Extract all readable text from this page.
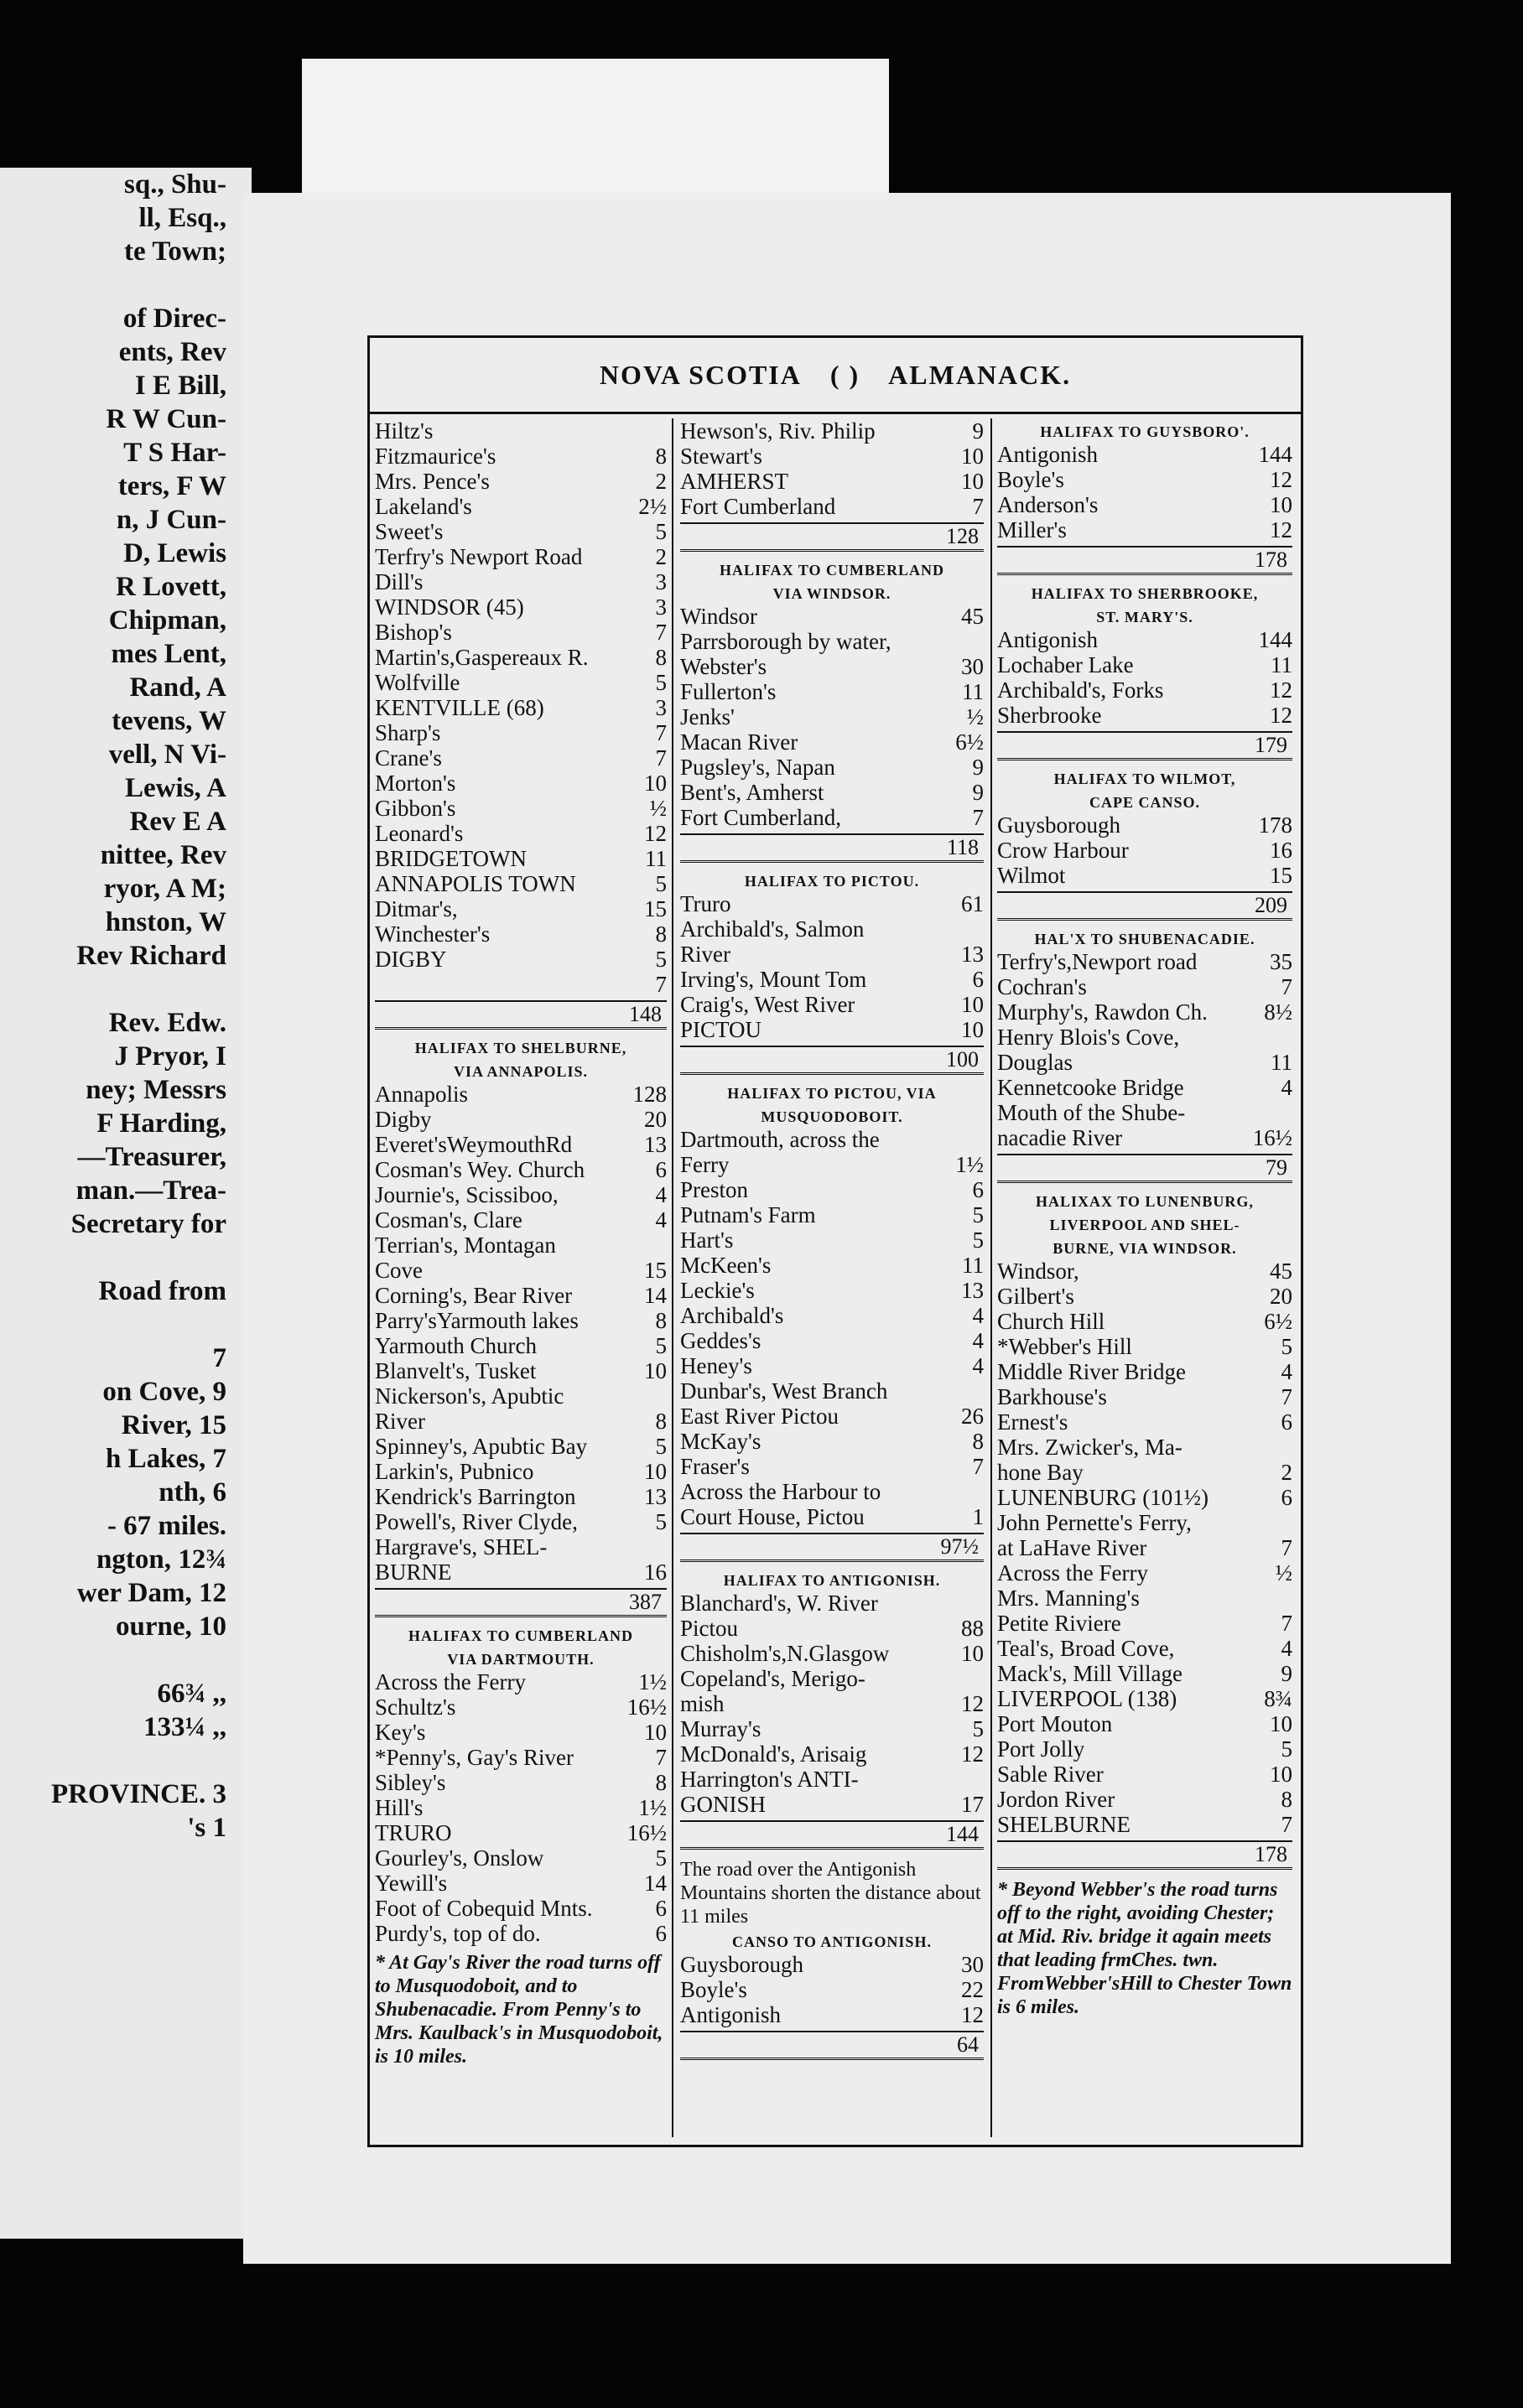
sq., Shu-
ll, Esq.,
te Town;
of Direc-
ents, Rev
I E Bill,
R W Cun-
T S Har-
ters, F W
n, J Cun-
D, Lewis
R Lovett,
Chipman,
mes Lent,
Rand, A
tevens, W
vell, N Vi-
Lewis, A
Rev E A
nittee, Rev
ryor, A M;
hnston, W
Rev Richard
Rev. Edw.
J Pryor, I
ney; Messrs
F Harding,
—Treasurer,
man.—Trea-
Secretary for
Road from
7
on Cove, 9
River, 15
h Lakes, 7
nth, 6
- 67 miles.
ngton, 12¾
wer Dam, 12
ourne, 10
66¾ ,,
133¼ ,,
PROVINCE. 3
's 1
NOVA SCOTIA ( ) ALMANACK.
Hiltz's
Fitzmaurice's	8
Mrs. Pence's	2
Lakeland's	2½
Sweet's	5
Terfry's Newport Road	2
Dill's	3
WINDSOR (45)	3
Bishop's	7
Martin's,Gaspereaux R.	8
Wolfville	5
KENTVILLE (68)	3
Sharp's	7
Crane's	7
Morton's	10
Gibbon's	½
Leonard's	12
BRIDGETOWN	11
ANNAPOLIS TOWN	5
Ditmar's,	15
Winchester's	8
DIGBY	5
7
148
HALIFAX TO SHELBURNE,
VIA ANNAPOLIS.
Annapolis	128
Digby	20
Everet'sWeymouthRd	13
Cosman's Wey. Church	6
Journie's, Scissiboo,	4
Cosman's, Clare	4
Terrian's, Montagan
Cove	15
Corning's, Bear River	14
Parry'sYarmouth lakes	8
Yarmouth Church	5
Blanvelt's, Tusket	10
Nickerson's, Apubtic
River	8
Spinney's, Apubtic Bay	5
Larkin's, Pubnico	10
Kendrick's Barrington	13
Powell's, River Clyde,	5
Hargrave's, SHEL-
BURNE	16
387
HALIFAX TO CUMBERLAND
VIA DARTMOUTH.
Across the Ferry	1½
Schultz's	16½
Key's	10
*Penny's, Gay's River	7
Sibley's	8
Hill's	1½
TRURO	16½
Gourley's, Onslow	5
Yewill's	14
Foot of Cobequid Mnts.	6
Purdy's, top of do.	6
* At Gay's River the road turns off to Musquodoboit, and to Shubenacadie. From Penny's to Mrs. Kaulback's in Musquodoboit, is 10 miles.
Hewson's, Riv. Philip	9
Stewart's	10
AMHERST	10
Fort Cumberland	7
128
HALIFAX TO CUMBERLAND
VIA WINDSOR.
Windsor	45
Parrsborough by water,
Webster's	30
Fullerton's	11
Jenks'	½
Macan River	6½
Pugsley's, Napan	9
Bent's, Amherst	9
Fort Cumberland,	7
118
HALIFAX TO PICTOU.
Truro	61
Archibald's, Salmon
River	13
Irving's, Mount Tom	6
Craig's, West River	10
PICTOU	10
100
HALIFAX TO PICTOU, VIA
MUSQUODOBOIT.
Dartmouth, across the
Ferry	1½
Preston	6
Putnam's Farm	5
Hart's	5
McKeen's	11
Leckie's	13
Archibald's	4
Geddes's	4
Heney's	4
Dunbar's, West Branch
East River Pictou	26
McKay's	8
Fraser's	7
Across the Harbour to
Court House, Pictou	1
97½
HALIFAX TO ANTIGONISH.
Blanchard's, W. River
Pictou	88
Chisholm's,N.Glasgow	10
Copeland's, Merigo-
mish	12
Murray's	5
McDonald's, Arisaig	12
Harrington's ANTI-
GONISH	17
144
The road over the Antigonish Mountains shorten the distance about 11 miles
CANSO TO ANTIGONISH.
Guysborough	30
Boyle's	22
Antigonish	12
64
HALIFAX TO GUYSBORO'.
Antigonish	144
Boyle's	12
Anderson's	10
Miller's	12
178
HALIFAX TO SHERBROOKE,
ST. MARY'S.
Antigonish	144
Lochaber Lake	11
Archibald's, Forks	12
Sherbrooke	12
179
HALIFAX TO WILMOT,
CAPE CANSO.
Guysborough	178
Crow Harbour	16
Wilmot	15
209
HAL'X TO SHUBENACADIE.
Terfry's,Newport road	35
Cochran's	7
Murphy's, Rawdon Ch. 8½
Henry Blois's Cove,
Douglas	11
Kennetcooke Bridge	4
Mouth of the Shube-
nacadie River	16½
79
HALIXAX TO LUNENBURG,
LIVERPOOL AND SHEL-
BURNE, VIA WINDSOR.
Windsor,	45
Gilbert's	20
Church Hill	6½
*Webber's Hill	5
Middle River Bridge	4
Barkhouse's	7
Ernest's	6
Mrs. Zwicker's, Ma-
hone Bay	2
LUNENBURG (101½)	6
John Pernette's Ferry,
at LaHave River	7
Across the Ferry	½
Mrs. Manning's
Petite Riviere	7
Teal's, Broad Cove,	4
Mack's, Mill Village	9
LIVERPOOL (138)	8¾
Port Mouton	10
Port Jolly	5
Sable River	10
Jordon River	8
SHELBURNE	7
178
* Beyond Webber's the road turns off to the right, avoiding Chester; at Mid. Riv. bridge it again meets that leading frmChes. twn. FromWebber'sHill to Chester Town is 6 miles.
